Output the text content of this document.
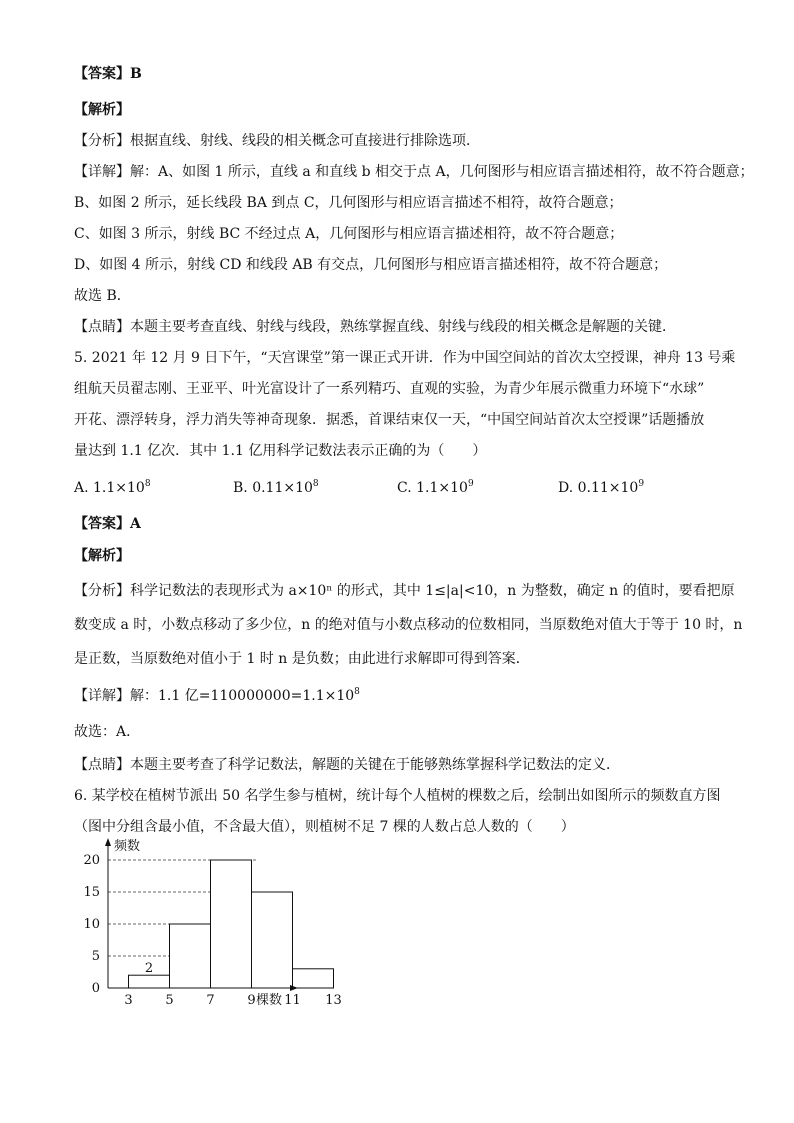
【答案】B
【解析】
【分析】根据直线、射线、线段的相关概念可直接进行排除选项．
【详解】解：A、如图 1 所示，直线 a 和直线 b 相交于点 A，几何图形与相应语言描述相符，故不符合题意；
B、如图 2 所示，延长线段 BA 到点 C，几何图形与相应语言描述不相符，故符合题意；
C、如图 3 所示，射线 BC 不经过点 A，几何图形与相应语言描述相符，故不符合题意；
D、如图 4 所示，射线 CD 和线段 AB 有交点，几何图形与相应语言描述相符，故不符合题意；
故选 B．
【点睛】本题主要考查直线、射线与线段，熟练掌握直线、射线与线段的相关概念是解题的关键．
5. 2021 年 12 月 9 日下午，“天宫课堂”第一课正式开讲．作为中国空间站的首次太空授课，神舟 13 号乘
组航天员翟志刚、王亚平、叶光富设计了一系列精巧、直观的实验，为青少年展示微重力环境下“水球”
开花、漂浮转身，浮力消失等神奇现象．据悉，首课结束仅一天，“中国空间站首次太空授课”话题播放
量达到 1.1 亿次．其中 1.1 亿用科学记数法表示正确的为（　　）
A. $1.1\times 10^8$	B. $0.11\times 10^8$	C. $1.1\times 10^9$	D. $0.11\times 10^9$
【答案】A
【解析】
【分析】科学记数法的表现形式为 a×10ⁿ 的形式，其中 1≤|a|<10，n 为整数，确定 n 的值时，要看把原
数变成 a 时，小数点移动了多少位，n 的绝对值与小数点移动的位数相同，当原数绝对值大于等于 10 时，n
是正数，当原数绝对值小于 1 时 n 是负数；由此进行求解即可得到答案．
【详解】解：1.1 亿$=110000000=1.1\times 10^8$
故选：A．
【点睛】本题主要考查了科学记数法，解题的关键在于能够熟练掌握科学记数法的定义．
6. 某学校在植树节派出 50 名学生参与植树，统计每个人植树的棵数之后，绘制出如图所示的频数直方图
（图中分组含最小值，不含最大值），则植树不足 7 棵的人数占总人数的（　　）
频数
棵数
0
5
10
15
20
3	5	7	9 11 13
2
